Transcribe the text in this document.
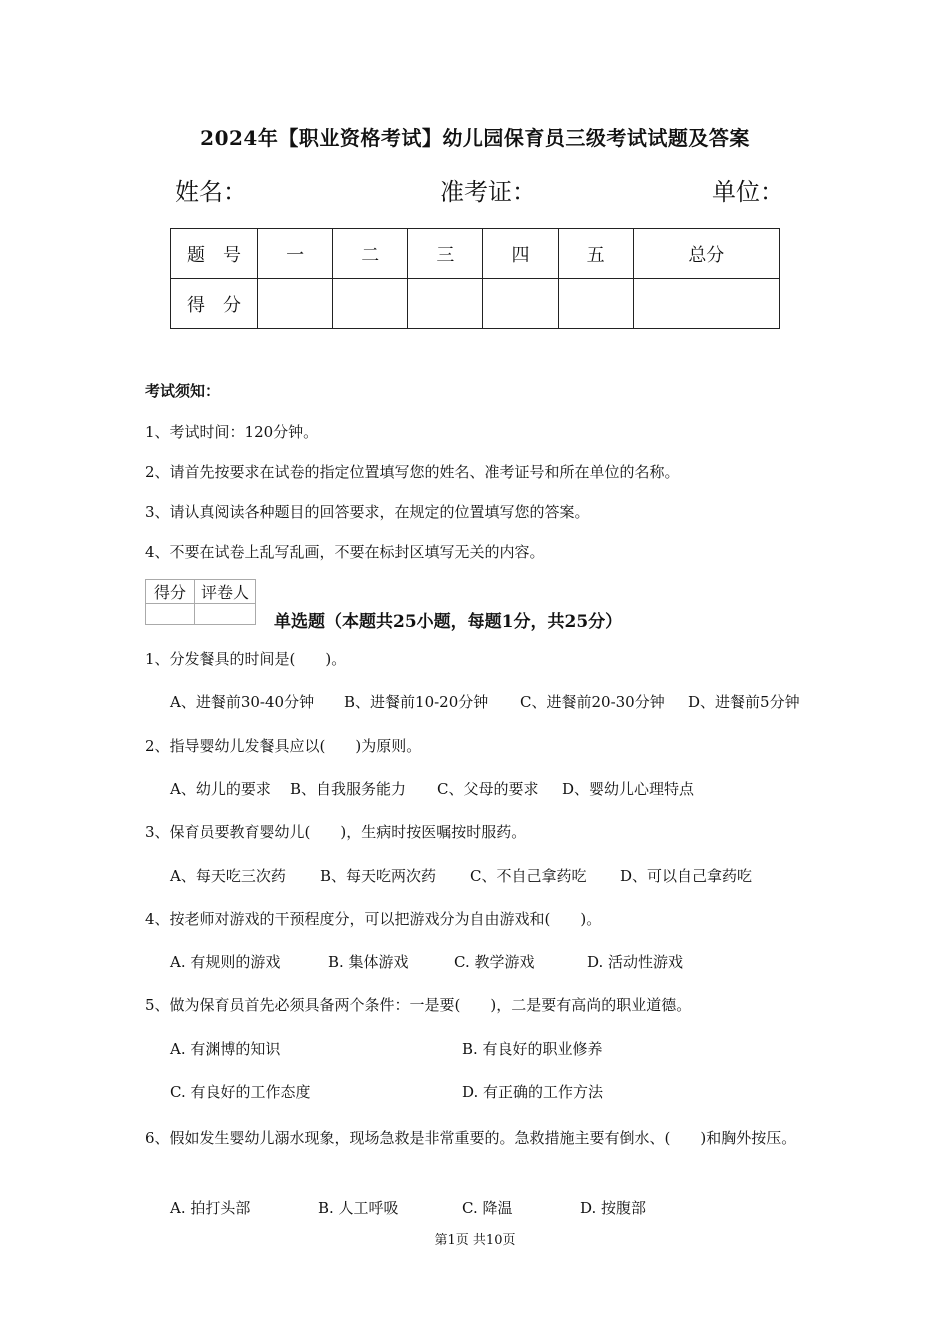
2024年【职业资格考试】幼儿园保育员三级考试试题及答案
姓名：	准考证：	单位：
题　号	一	二	三	四	五	总分
得　分						
考试须知：
1、考试时间：120分钟。
2、请首先按要求在试卷的指定位置填写您的姓名、准考证号和所在单位的名称。
3、请认真阅读各种题目的回答要求，在规定的位置填写您的答案。
4、不要在试卷上乱写乱画，不要在标封区填写无关的内容。
得分	评卷人

单选题（本题共25小题，每题1分，共25分）
1、分发餐具的时间是(　　)。
A、进餐前30-40分钟 B、进餐前10-20分钟 C、进餐前20-30分钟 D、进餐前5分钟
2、指导婴幼儿发餐具应以(　　)为原则。
A、幼儿的要求 B、自我服务能力 C、父母的要求 D、婴幼儿心理特点
3、保育员要教育婴幼儿(　　)，生病时按医嘱按时服药。
A、每天吃三次药 B、每天吃两次药 C、不自己拿药吃 D、可以自己拿药吃
4、按老师对游戏的干预程度分，可以把游戏分为自由游戏和(　　)。
A. 有规则的游戏	B. 集体游戏	C. 教学游戏	D. 活动性游戏
5、做为保育员首先必须具备两个条件：一是要(　　)，二是要有高尚的职业道德。
A. 有渊博的知识	B. 有良好的职业修养
C. 有良好的工作态度	D. 有正确的工作方法
6、假如发生婴幼儿溺水现象，现场急救是非常重要的。急救措施主要有倒水、(　　)和胸外按压。
A. 拍打头部	B. 人工呼吸	C. 降温	D. 按腹部
第1页 共10页
